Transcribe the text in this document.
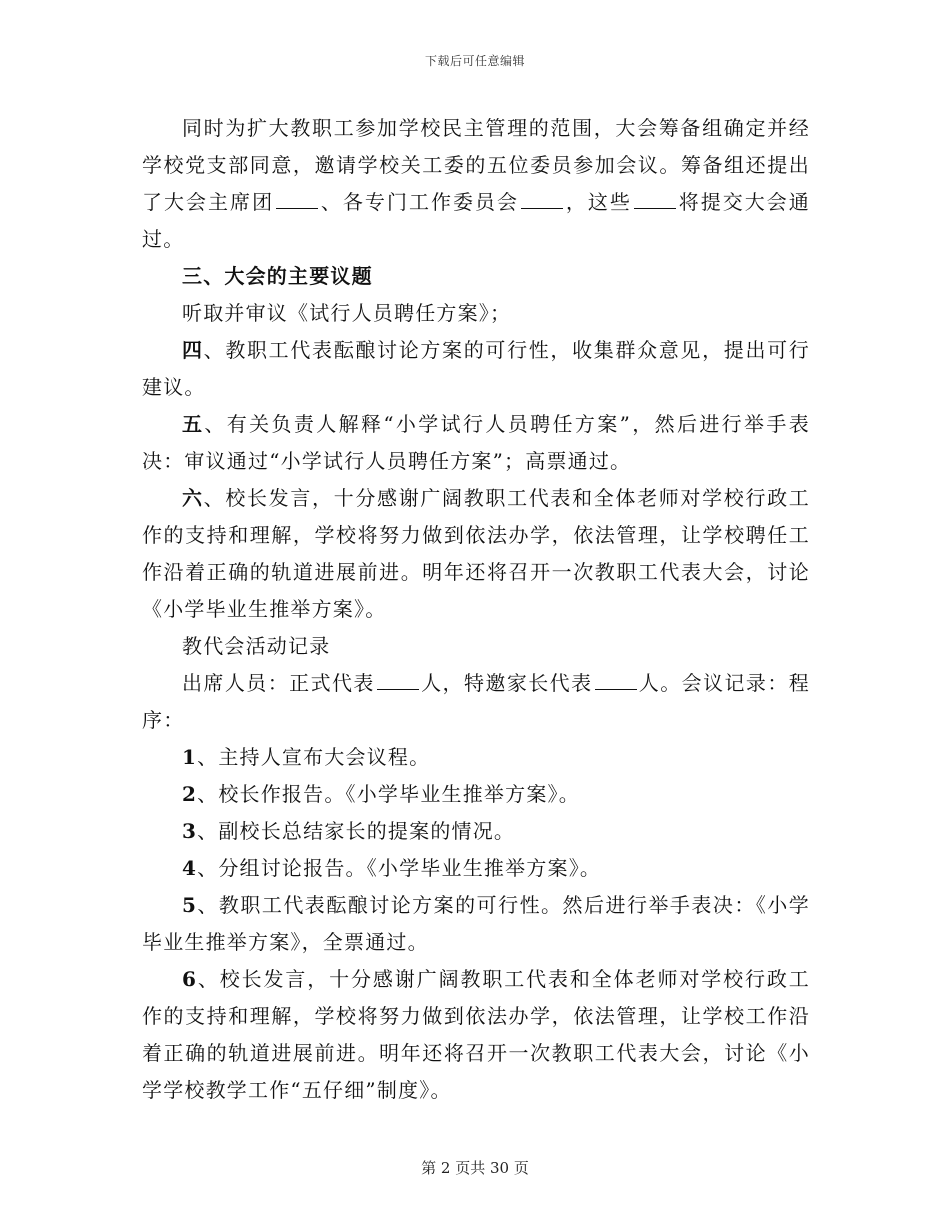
下载后可任意编辑

同时为扩大教职工参加学校民主管理的范围，大会筹备组确定并经学校党支部同意，邀请学校关工委的五位委员参加会议。筹备组还提出了大会主席团 、各专门工作委员会 ，这些 将提交大会通过。

三、大会的主要议题

听取并审议《试行人员聘任方案》；

四、教职工代表酝酿讨论方案的可行性，收集群众意见，提出可行建议。

五、有关负责人解释“小学试行人员聘任方案”，然后进行举手表决：审议通过“小学试行人员聘任方案”；高票通过。

六、校长发言，十分感谢广阔教职工代表和全体老师对学校行政工作的支持和理解，学校将努力做到依法办学，依法管理，让学校聘任工作沿着正确的轨道进展前进。明年还将召开一次教职工代表大会，讨论《小学毕业生推举方案》。

教代会活动记录

出席人员：正式代表 人，特邀家长代表 人。会议记录：程序：

1、主持人宣布大会议程。

2、校长作报告。《小学毕业生推举方案》。

3、副校长总结家长的提案的情况。

4、分组讨论报告。《小学毕业生推举方案》。

5、教职工代表酝酿讨论方案的可行性。然后进行举手表决：《小学毕业生推举方案》，全票通过。

6、校长发言，十分感谢广阔教职工代表和全体老师对学校行政工作的支持和理解，学校将努力做到依法办学，依法管理，让学校工作沿着正确的轨道进展前进。明年还将召开一次教职工代表大会，讨论《小学学校教学工作“五仔细”制度》。

第 2 页共 30 页
